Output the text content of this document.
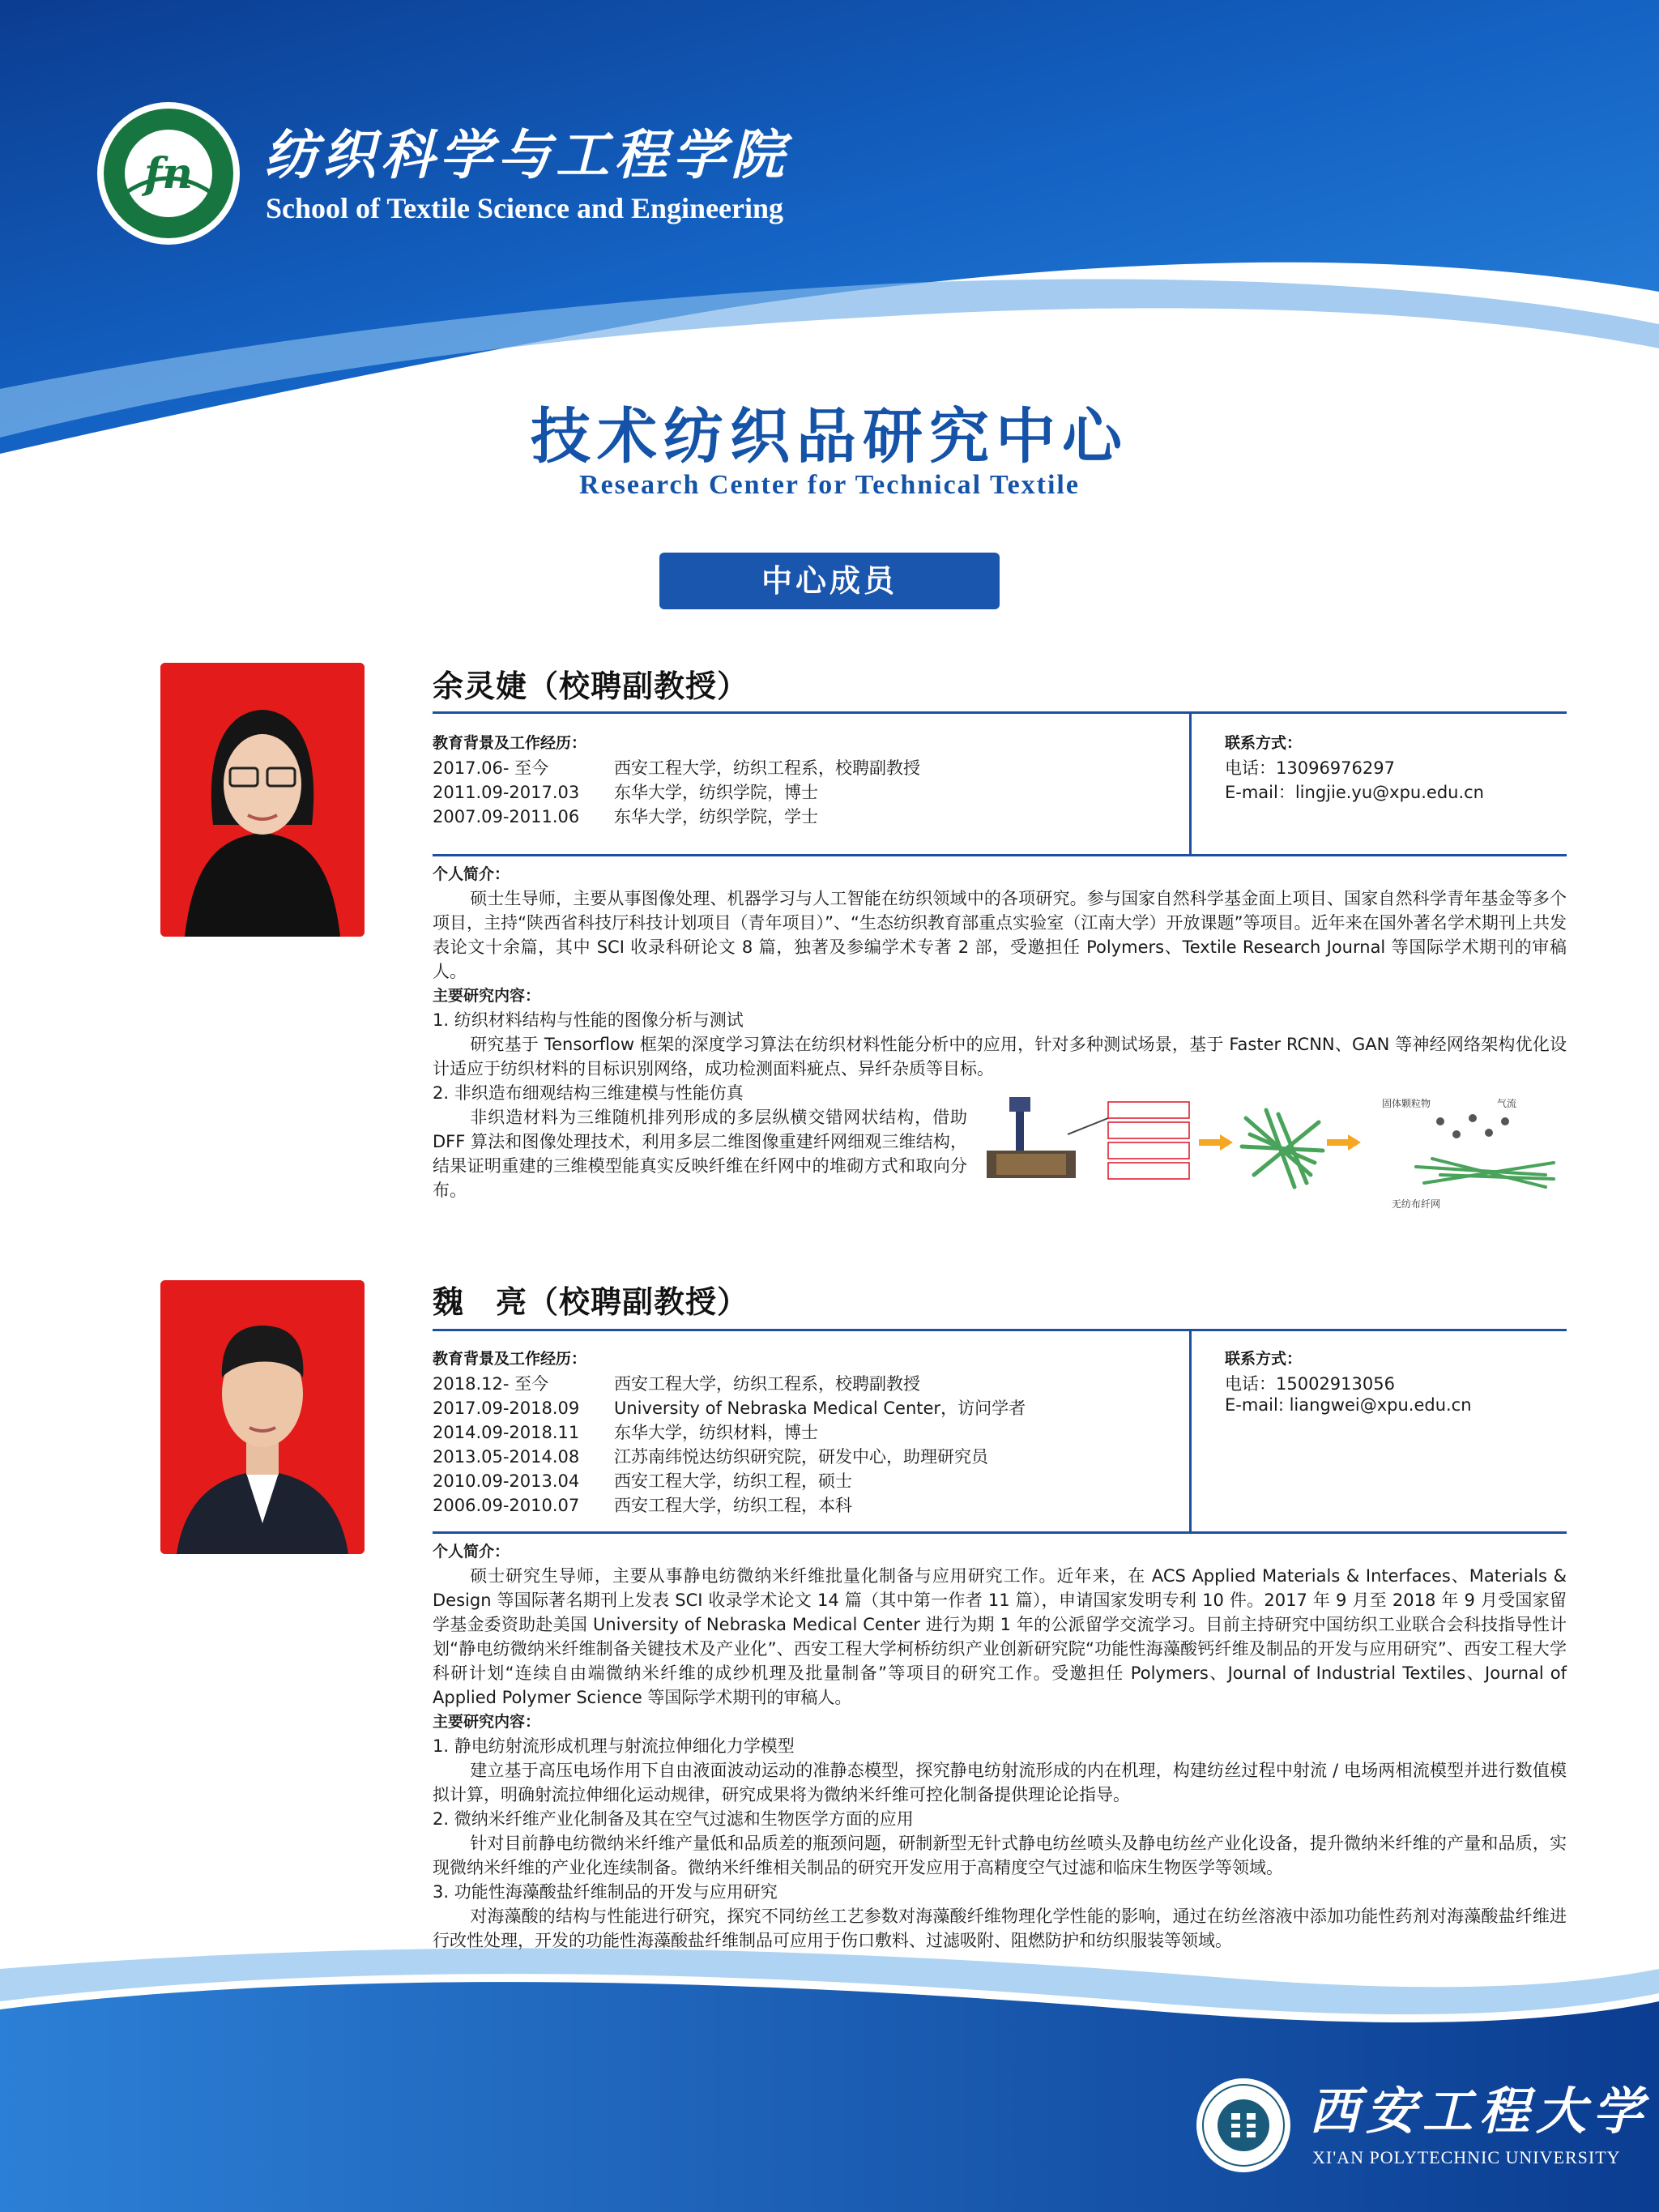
fn 纺织科学与工程学院
School of Textile Science and Engineering
技术纺织品研究中心
Research Center for Technical Textile
中心成员
余灵婕（校聘副教授）
教育背景及工作经历：
2017.06- 至今	西安工程大学，纺织工程系，校聘副教授
2011.09-2017.03 东华大学，纺织学院，博士
2007.09-2011.06 东华大学，纺织学院，学士
联系方式：
电话：13096976297
E-mail：lingjie.yu@xpu.edu.cn

个人简介：

硕士生导师，主要从事图像处理、机器学习与人工智能在纺织领域中的各项研究。参与国家自然科学基金面上项目、国家自然科学青年基金等多个项目，主持“陕西省科技厅科技计划项目（青年项目）”、“生态纺织教育部重点实验室（江南大学）开放课题”等项目。近年来在国外著名学术期刊上共发表论文十余篇，其中 SCI 收录科研论文 8 篇，独著及参编学术专著 2 部，受邀担任 Polymers、Textile Research Journal 等国际学术期刊的审稿人。

主要研究内容：

1. 纺织材料结构与性能的图像分析与测试

研究基于 Tensorflow 框架的深度学习算法在纺织材料性能分析中的应用，针对多种测试场景，基于 Faster RCNN、GAN 等神经网络架构优化设计适应于纺织材料的目标识别网络，成功检测面料疵点、异纤杂质等目标。

2. 非织造布细观结构三维建模与性能仿真

非织造材料为三维随机排列形成的多层纵横交错网状结构，借助 DFF 算法和图像处理技术，利用多层二维图像重建纤网细观三维结构，结果证明重建的三维模型能真实反映纤维在纤网中的堆砌方式和取向分布。

固体颗粒物	气流
无纺布纤网
魏　亮（校聘副教授）
教育背景及工作经历：
2018.12- 至今	西安工程大学，纺织工程系，校聘副教授
2017.09-2018.09 University of Nebraska Medical Center，访问学者
2014.09-2018.11 东华大学，纺织材料，博士
2013.05-2014.08 江苏南纬悦达纺织研究院，研发中心，助理研究员
2010.09-2013.04 西安工程大学，纺织工程，硕士
2006.09-2010.07 西安工程大学，纺织工程，本科
联系方式：
电话：15002913056
E-mail: liangwei@xpu.edu.cn

个人简介：

硕士研究生导师，主要从事静电纺微纳米纤维批量化制备与应用研究工作。近年来，在 ACS Applied Materials & Interfaces、Materials & Design 等国际著名期刊上发表 SCI 收录学术论文 14 篇（其中第一作者 11 篇），申请国家发明专利 10 件。2017 年 9 月至 2018 年 9 月受国家留学基金委资助赴美国 University of Nebraska Medical Center 进行为期 1 年的公派留学交流学习。目前主持研究中国纺织工业联合会科技指导性计划“静电纺微纳米纤维制备关键技术及产业化”、西安工程大学柯桥纺织产业创新研究院“功能性海藻酸钙纤维及制品的开发与应用研究”、西安工程大学科研计划“连续自由端微纳米纤维的成纱机理及批量制备”等项目的研究工作。受邀担任 Polymers、Journal of Industrial Textiles、Journal of Applied Polymer Science 等国际学术期刊的审稿人。

主要研究内容：

1. 静电纺射流形成机理与射流拉伸细化力学模型

建立基于高压电场作用下自由液面波动运动的准静态模型，探究静电纺射流形成的内在机理，构建纺丝过程中射流 / 电场两相流模型并进行数值模拟计算，明确射流拉伸细化运动规律，研究成果将为微纳米纤维可控化制备提供理论论指导。

2. 微纳米纤维产业化制备及其在空气过滤和生物医学方面的应用

针对目前静电纺微纳米纤维产量低和品质差的瓶颈问题，研制新型无针式静电纺丝喷头及静电纺丝产业化设备，提升微纳米纤维的产量和品质，实现微纳米纤维的产业化连续制备。微纳米纤维相关制品的研究开发应用于高精度空气过滤和临床生物医学等领域。

3. 功能性海藻酸盐纤维制品的开发与应用研究

对海藻酸的结构与性能进行研究，探究不同纺丝工艺参数对海藻酸纤维物理化学性能的影响，通过在纺丝溶液中添加功能性药剂对海藻酸盐纤维进行改性处理，开发的功能性海藻酸盐纤维制品可应用于伤口敷料、过滤吸附、阻燃防护和纺织服装等领域。

西安工程大学
XI'AN POLYTECHNIC UNIVERSITY
